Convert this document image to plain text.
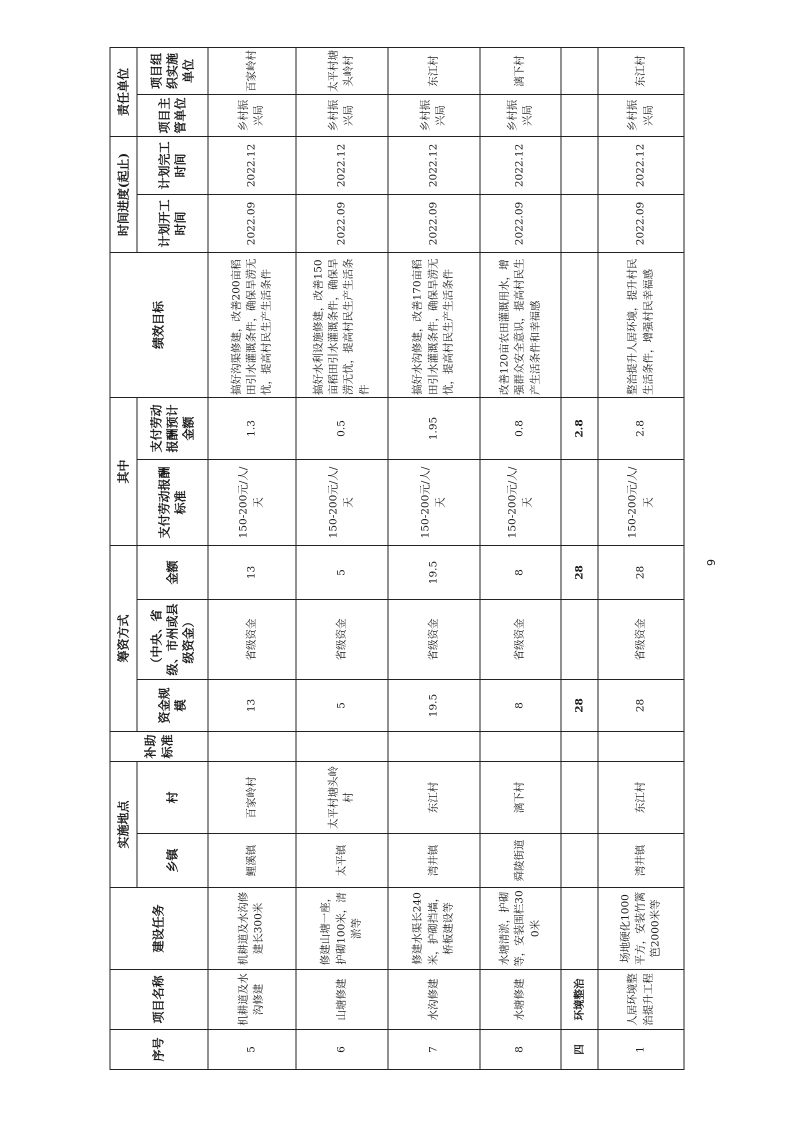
序号	项目名称	建设任务	实施地点		补助标准	筹资方式			其中		绩效目标	时间进度(起止)		责任单位	
			乡镇	村		资金规模	（中央、省级、市州或县级资金）	金额	支付劳动报酬标准	支付劳动报酬预计金额		计划开工时间	计划完工时间	项目主管单位	项目组织实施单位
5	机耕道及水沟修建	机耕道及水沟修建长300米	鲤溪镇	百家岭村		13	省级资金	13	150-200元/人/天	1.3	搞好沟渠修建，改善200亩稻田引水灌溉条件，确保旱涝无忧，提高村民生产生活条件	2022.09	2022.12	乡村振兴局	百家岭村
6	山塘修建	修建山塘一座，护砌100米，清淤等	太平镇	太平村塘头岭村		5	省级资金	5	150-200元/人/天	0.5	搞好水利设施修建，改善150亩稻田引水灌溉条件，确保旱涝无忧，提高村民生产生活条件	2022.09	2022.12	乡村振兴局	太平村塘头岭村
7	水沟修建	修建水渠长240米，护砌挡墙，桥板建设等	湾井镇	东江村		19.5	省级资金	19.5	150-200元/人/天	1.95	搞好水沟修建，改善170亩稻田引水灌溉条件，确保旱涝无忧，提高村民生产生活条件	2022.09	2022.12	乡村振兴局	东江村
8	水塘修建	水塘清淤，护砌等，安装围栏300米	舜陵街道	漓下村		8	省级资金	8	150-200元/人/天	0.8	改善120亩农田灌溉用水，增强群众安全意识，提高村民生产生活条件和幸福感	2022.09	2022.12	乡村振兴局	漓下村
四	环境整治					28		28		2.8					
1	人居环境整治提升工程	场地硬化1000平方，安装竹篱笆2000米等	湾井镇	东江村		28	省级资金	28	150-200元/人/天	2.8	整治提升人居环境，提升村民生活条件，增强村民幸福感	2022.09	2022.12	乡村振兴局	东江村
9
